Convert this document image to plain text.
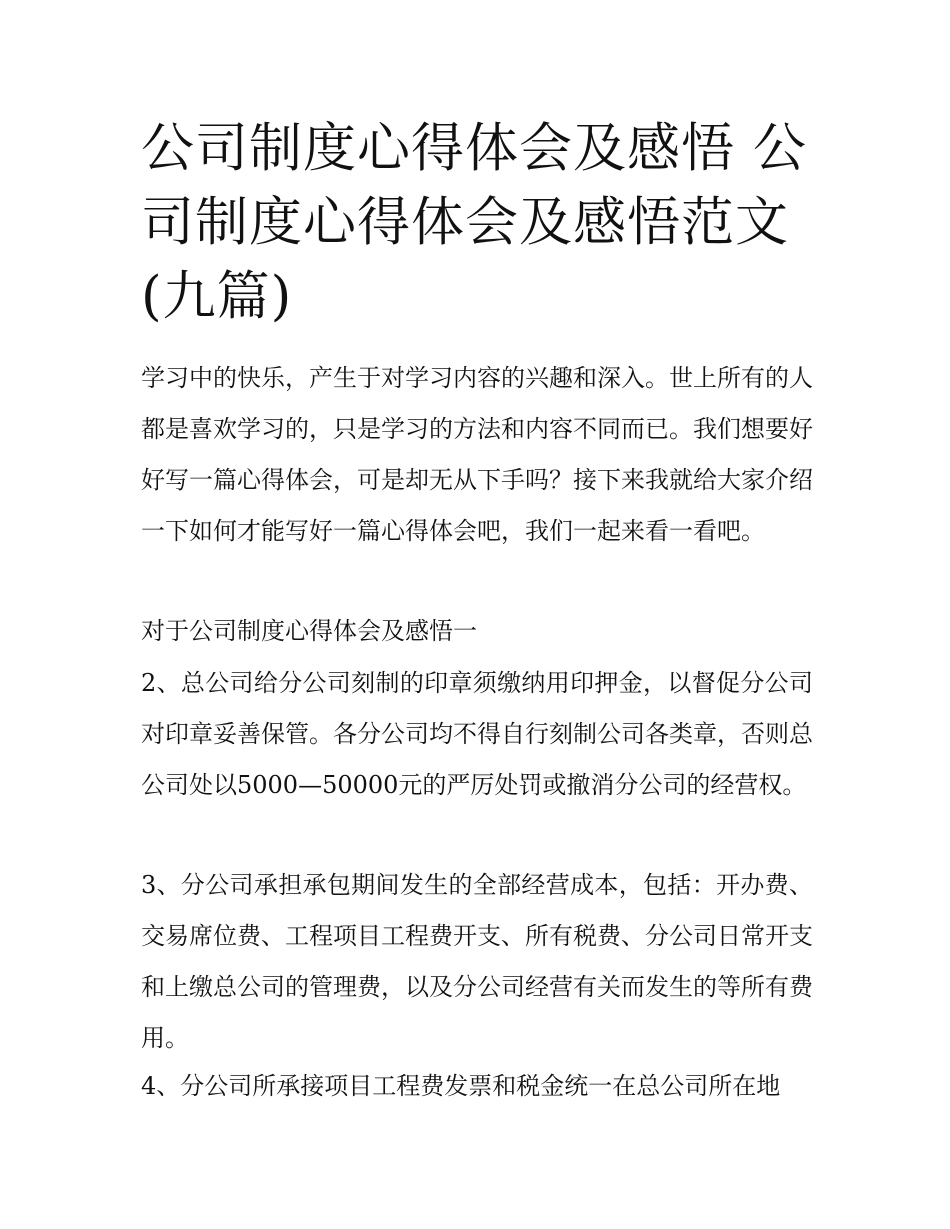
公司制度心得体会及感悟 公司制度心得体会及感悟范文(九篇)

学习中的快乐，产生于对学习内容的兴趣和深入。世上所有的人都是喜欢学习的，只是学习的方法和内容不同而已。我们想要好好写一篇心得体会，可是却无从下手吗？接下来我就给大家介绍一下如何才能写好一篇心得体会吧，我们一起来看一看吧。

对于公司制度心得体会及感悟一

2、总公司给分公司刻制的印章须缴纳用印押金，以督促分公司对印章妥善保管。各分公司均不得自行刻制公司各类章，否则总公司处以5000—50000元的严厉处罚或撤消分公司的经营权。

3、分公司承担承包期间发生的全部经营成本，包括：开办费、交易席位费、工程项目工程费开支、所有税费、分公司日常开支和上缴总公司的管理费，以及分公司经营有关而发生的等所有费用。

4、分公司所承接项目工程费发票和税金统一在总公司所在地
